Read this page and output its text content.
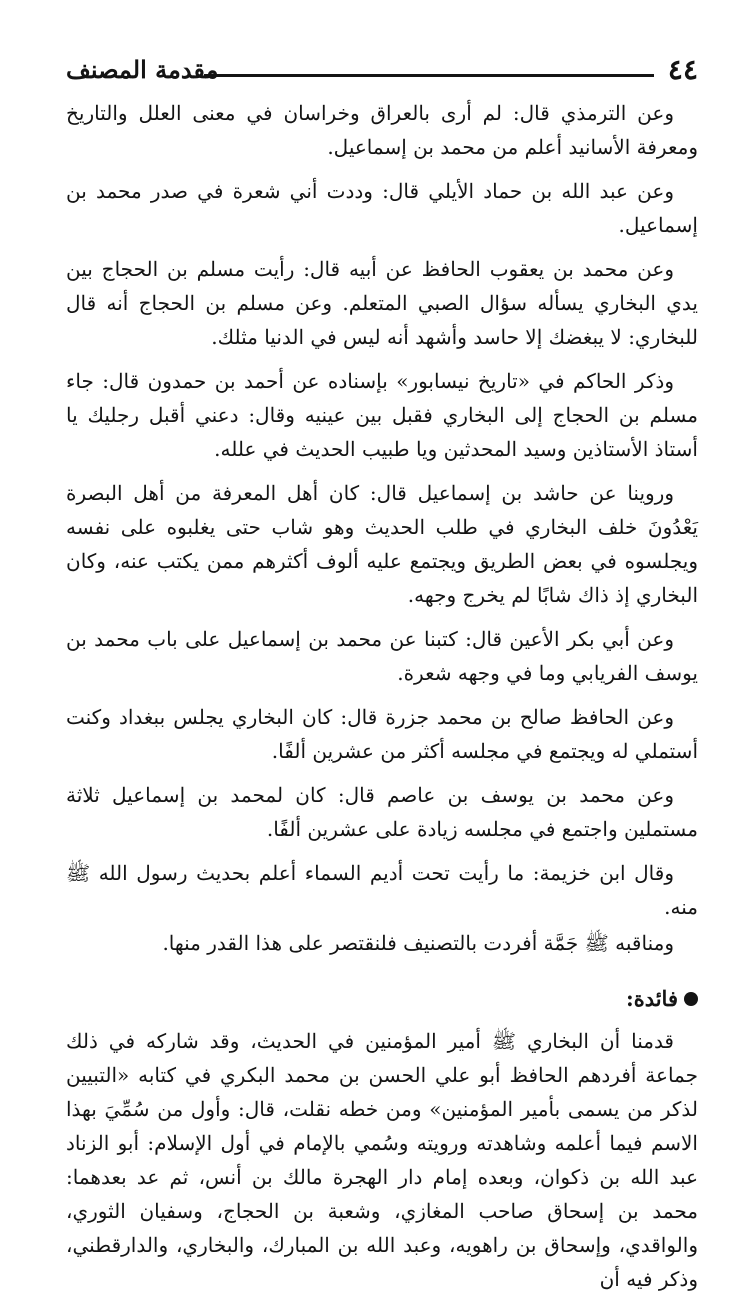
٤٤
مقدمة المصنف

وعن الترمذي قال: لم أرى بالعراق وخراسان في معنى العلل والتاريخ ومعرفة الأسانيد أعلم من محمد بن إسماعيل.

وعن عبد الله بن حماد الأيلي قال: وددت أني شعرة في صدر محمد بن إسماعيل.

وعن محمد بن يعقوب الحافظ عن أبيه قال: رأيت مسلم بن الحجاج بين يدي البخاري يسأله سؤال الصبي المتعلم. وعن مسلم بن الحجاج أنه قال للبخاري: لا يبغضك إلا حاسد وأشهد أنه ليس في الدنيا مثلك.

وذكر الحاكم في «تاريخ نيسابور» بإسناده عن أحمد بن حمدون قال: جاء مسلم بن الحجاج إلى البخاري فقبل بين عينيه وقال: دعني أقبل رجليك يا أستاذ الأستاذين وسيد المحدثين ويا طبيب الحديث في علله.

وروينا عن حاشد بن إسماعيل قال: كان أهل المعرفة من أهل البصرة يَعْدُونَ خلف البخاري في طلب الحديث وهو شاب حتى يغلبوه على نفسه ويجلسوه في بعض الطريق ويجتمع عليه ألوف أكثرهم ممن يكتب عنه، وكان البخاري إذ ذاك شابًا لم يخرج وجهه.

وعن أبي بكر الأعين قال: كتبنا عن محمد بن إسماعيل على باب محمد بن يوسف الفريابي وما في وجهه شعرة.

وعن الحافظ صالح بن محمد جزرة قال: كان البخاري يجلس ببغداد وكنت أستملي له ويجتمع في مجلسه أكثر من عشرين ألفًا.

وعن محمد بن يوسف بن عاصم قال: كان لمحمد بن إسماعيل ثلاثة مستملين واجتمع في مجلسه زيادة على عشرين ألفًا.

وقال ابن خزيمة: ما رأيت تحت أديم السماء أعلم بحديث رسول الله ﷺ منه.

ومناقبه ﷺ جَمَّة أفردت بالتصنيف فلنقتصر على هذا القدر منها.

فائدة:

قدمنا أن البخاري ﷺ أمير المؤمنين في الحديث، وقد شاركه في ذلك جماعة أفردهم الحافظ أبو علي الحسن بن محمد البكري في كتابه «التبيين لذكر من يسمى بأمير المؤمنين» ومن خطه نقلت، قال: وأول من سُمِّيَ بهذا الاسم فيما أعلمه وشاهدته ورويته وسُمي بالإمام في أول الإسلام: أبو الزناد عبد الله بن ذكوان، وبعده إمام دار الهجرة مالك بن أنس، ثم عد بعدهما: محمد بن إسحاق صاحب المغازي، وشعبة بن الحجاج، وسفيان الثوري، والواقدي، وإسحاق بن راهويه، وعبد الله بن المبارك، والبخاري، والدارقطني، وذكر فيه أن
